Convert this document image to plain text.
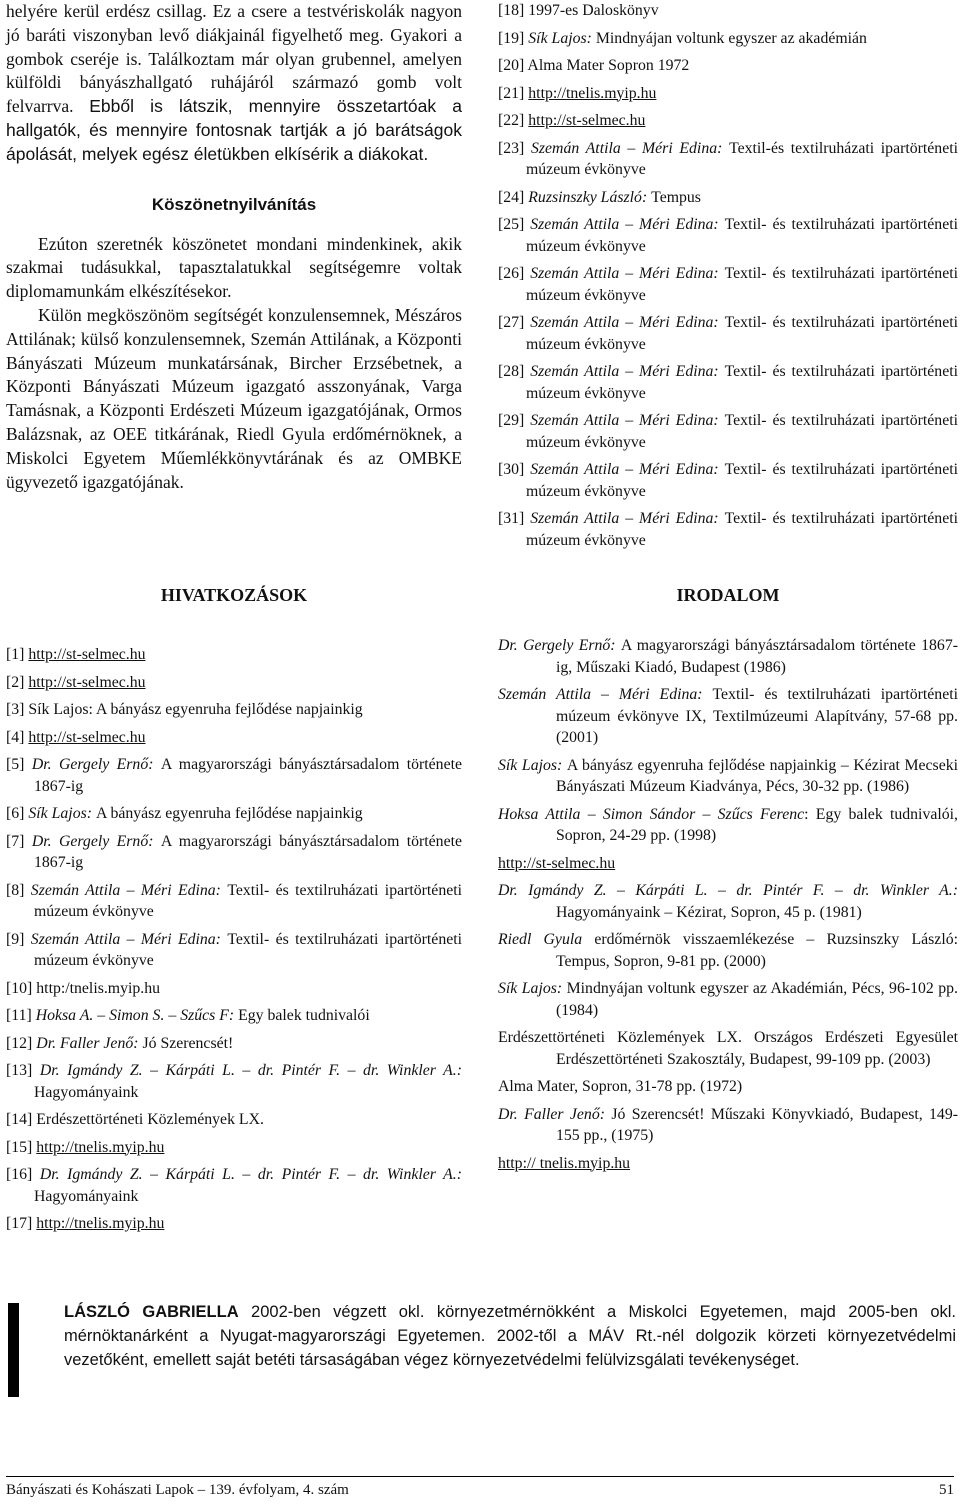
helyére kerül erdész csillag. Ez a csere a testvériskolák nagyon jó baráti viszonyban levő diákjainál figyelhető meg. Gyakori a gombok cseréje is. Találkoztam már olyan grubennel, amelyen külföldi bányászhallgató ruhájáról származó gomb volt felvarrva. Ebből is látszik, mennyire összetartóak a hallgatók, és mennyire fontosnak tartják a jó barátságok ápolását, melyek egész életükben elkísérik a diákokat.

Köszönetnyilvánítás

Ezúton szeretnék köszönetet mondani mindenkinek, akik szakmai tudásukkal, tapasztalatukkal segítségemre voltak diplomamunkám elkészítésekor.

Külön megköszönöm segítségét konzulensemnek, Mészáros Attilának; külső konzulensemnek, Szemán Attilának, a Központi Bányászati Múzeum munkatársának, Bircher Erzsébetnek, a Központi Bányászati Múzeum igazgató asszonyának, Varga Tamásnak, a Központi Erdészeti Múzeum igazgatójának, Ormos Balázsnak, az OEE titkárának, Riedl Gyula erdőmérnöknek, a Miskolci Egyetem Műemlékkönyvtárának és az OMBKE ügyvezető igazgatójának.

[18] 1997-es Daloskönyv

[19] Sík Lajos: Mindnyájan voltunk egyszer az akadémián

[20] Alma Mater Sopron 1972

[21] http://tnelis.myip.hu

[22] http://st-selmec.hu

[23] Szemán Attila – Méri Edina: Textil-és textilruházati ipartörténeti múzeum évkönyve

[24] Ruzsinszky László: Tempus

[25] Szemán Attila – Méri Edina: Textil- és textilruházati ipartörténeti múzeum évkönyve

[26] Szemán Attila – Méri Edina: Textil- és textilruházati ipartörténeti múzeum évkönyve

[27] Szemán Attila – Méri Edina: Textil- és textilruházati ipartörténeti múzeum évkönyve

[28] Szemán Attila – Méri Edina: Textil- és textilruházati ipartörténeti múzeum évkönyve

[29] Szemán Attila – Méri Edina: Textil- és textilruházati ipartörténeti múzeum évkönyve

[30] Szemán Attila – Méri Edina: Textil- és textilruházati ipartörténeti múzeum évkönyve

[31] Szemán Attila – Méri Edina: Textil- és textilruházati ipartörténeti múzeum évkönyve

HIVATKOZÁSOK	IRODALOM

[1] http://st-selmec.hu

[2] http://st-selmec.hu

[3] Sík Lajos: A bányász egyenruha fejlődése napjainkig

[4] http://st-selmec.hu

[5] Dr. Gergely Ernő: A magyarországi bányásztársadalom története 1867-ig

[6] Sík Lajos: A bányász egyenruha fejlődése napjainkig

[7] Dr. Gergely Ernő: A magyarországi bányásztársadalom története 1867-ig

[8] Szemán Attila – Méri Edina: Textil- és textilruházati ipartörténeti múzeum évkönyve

[9] Szemán Attila – Méri Edina: Textil- és textilruházati ipartörténeti múzeum évkönyve

[10] http:/tnelis.myip.hu

[11] Hoksa A. – Simon S. – Szűcs F: Egy balek tudnivalói

[12] Dr. Faller Jenő: Jó Szerencsét!

[13] Dr. Igmándy Z. – Kárpáti L. – dr. Pintér F. – dr. Winkler A.: Hagyományaink

[14] Erdészettörténeti Közlemények LX.

[15] http://tnelis.myip.hu

[16] Dr. Igmándy Z. – Kárpáti L. – dr. Pintér F. – dr. Winkler A.: Hagyományaink

[17] http://tnelis.myip.hu

Dr. Gergely Ernő: A magyarországi bányásztársadalom története 1867-ig, Műszaki Kiadó, Budapest (1986)

Szemán Attila – Méri Edina: Textil- és textilruházati ipartörténeti múzeum évkönyve IX, Textilmúzeumi Alapítvány, 57-68 pp. (2001)

Sík Lajos: A bányász egyenruha fejlődése napjainkig – Kézirat Mecseki Bányászati Múzeum Kiadványa, Pécs, 30-32 pp. (1986)

Hoksa Attila – Simon Sándor – Szűcs Ferenc: Egy balek tudnivalói, Sopron, 24-29 pp. (1998)

http://st-selmec.hu

Dr. Igmándy Z. – Kárpáti L. – dr. Pintér F. – dr. Winkler A.: Hagyományaink – Kézirat, Sopron, 45 p. (1981)

Riedl Gyula erdőmérnök visszaemlékezése – Ruzsinszky László: Tempus, Sopron, 9-81 pp. (2000)

Sík Lajos: Mindnyájan voltunk egyszer az Akadémián, Pécs, 96-102 pp. (1984)

Erdészettörténeti Közlemények LX. Országos Erdészeti Egyesület Erdészettörténeti Szakosztály, Budapest, 99-109 pp. (2003)

Alma Mater, Sopron, 31-78 pp. (1972)

Dr. Faller Jenő: Jó Szerencsét! Műszaki Könyvkiadó, Budapest, 149-155 pp., (1975)

http:// tnelis.myip.hu

LÁSZLÓ GABRIELLA 2002-ben végzett okl. környezetmérnökként a Miskolci Egyetemen, majd 2005-ben okl. mérnöktanárként a Nyugat-magyarországi Egyetemen. 2002-től a MÁV Rt.-nél dolgozik körzeti környezetvédelmi vezetőként, emellett saját betéti társaságában végez környezetvédelmi felülvizsgálati tevékenységet.

Bányászati és Kohászati Lapok – 139. évfolyam, 4. szám	51
